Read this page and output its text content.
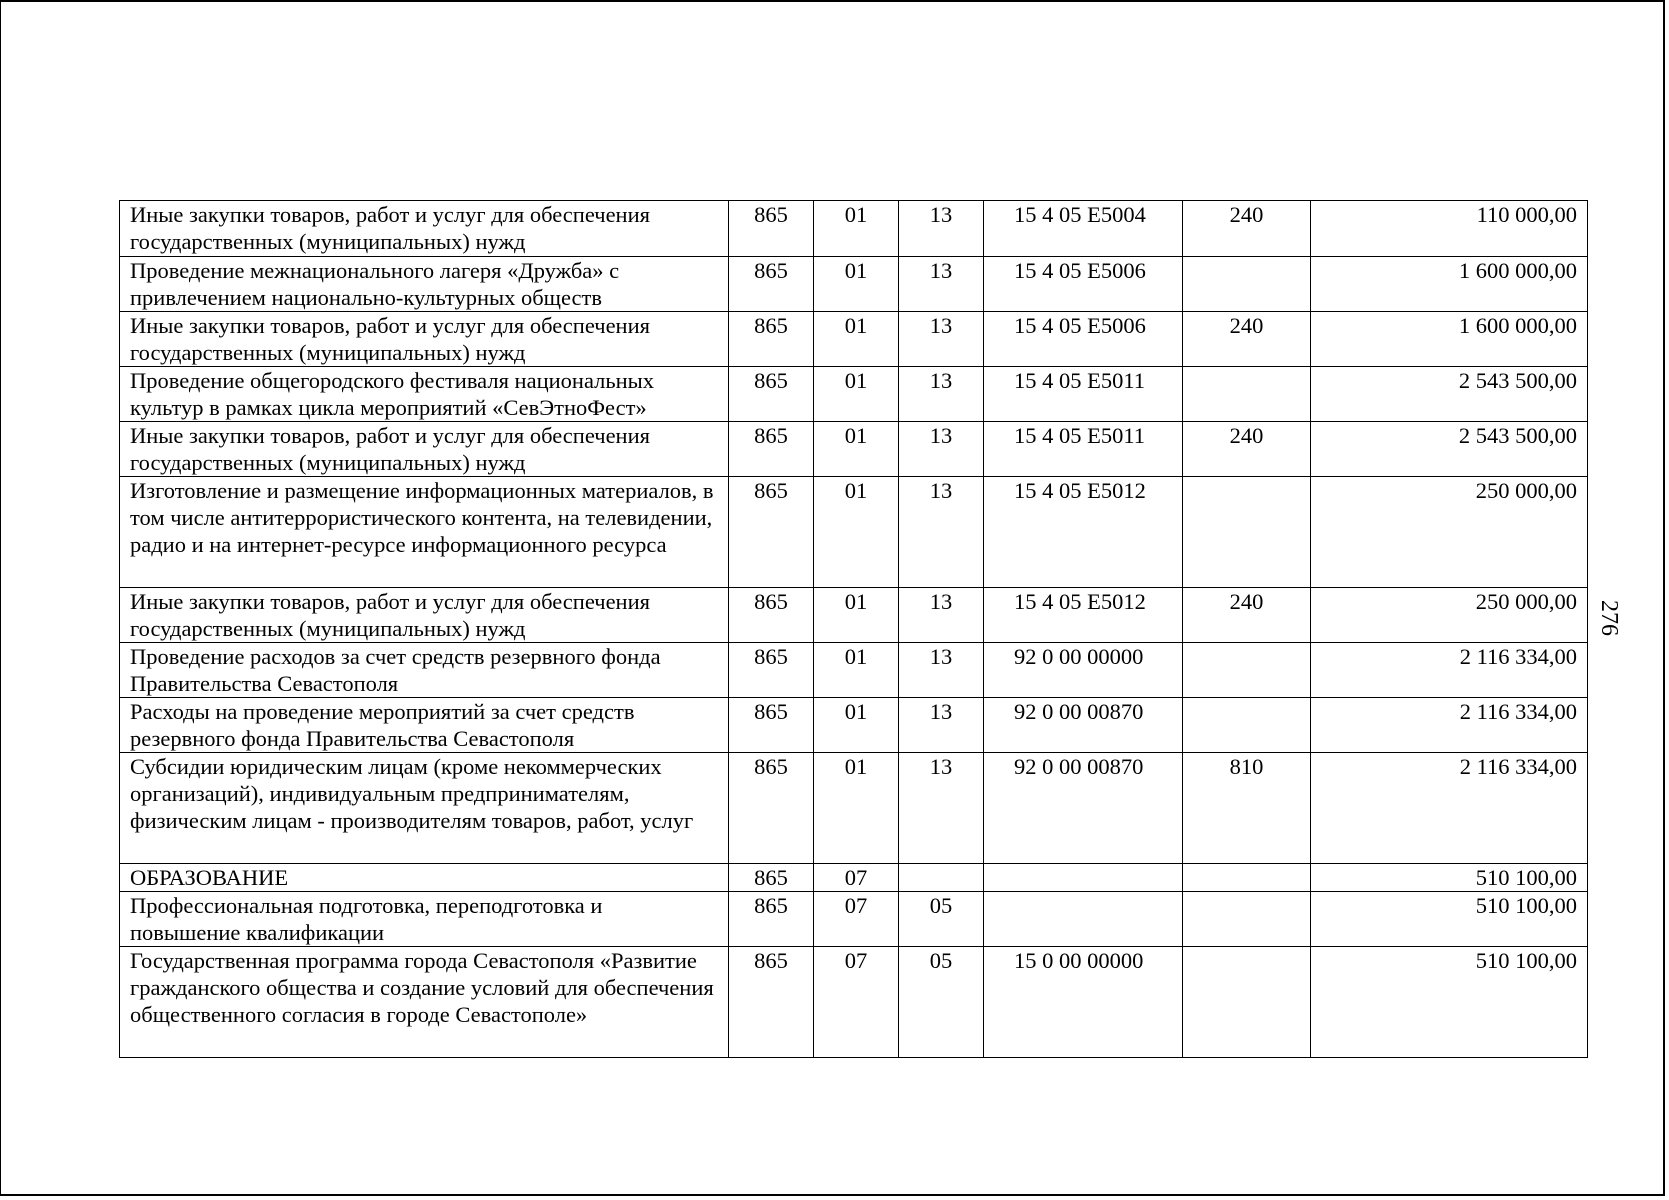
Иные закупки товаров, работ и услуг для обеспечения государственных (муниципальных) нужд	865	01	13	15 4 05 E5004	240	110 000,00
Проведение межнационального лагеря «Дружба» с привлечением национально-культурных обществ	865	01	13	15 4 05 E5006		1 600 000,00
Иные закупки товаров, работ и услуг для обеспечения государственных (муниципальных) нужд	865	01	13	15 4 05 E5006	240	1 600 000,00
Проведение общегородского фестиваля национальных культур в рамках цикла мероприятий «СевЭтноФест»	865	01	13	15 4 05 E5011		2 543 500,00
Иные закупки товаров, работ и услуг для обеспечения государственных (муниципальных) нужд	865	01	13	15 4 05 E5011	240	2 543 500,00
Изготовление и размещение информационных материалов, в том числе антитеррористического контента, на телевидении, радио и на интернет-ресурсе информационного ресурса	865	01	13	15 4 05 E5012		250 000,00
Иные закупки товаров, работ и услуг для обеспечения государственных (муниципальных) нужд	865	01	13	15 4 05 E5012	240	250 000,00
Проведение расходов за счет средств резервного фонда Правительства Севастополя	865	01	13	92 0 00 00000		2 116 334,00
Расходы на проведение мероприятий за счет средств резервного фонда Правительства Севастополя	865	01	13	92 0 00 00870		2 116 334,00
Субсидии юридическим лицам (кроме некоммерческих организаций), индивидуальным предпринимателям, физическим лицам - производителям товаров, работ, услуг	865	01	13	92 0 00 00870	810	2 116 334,00
ОБРАЗОВАНИЕ	865	07				510 100,00
Профессиональная подготовка, переподготовка и повышение квалификации	865	07	05			510 100,00
Государственная программа города Севастополя «Развитие гражданского общества и создание условий для обеспечения общественного согласия в городе Севастополе»	865	07	05	15 0 00 00000		510 100,00
276
